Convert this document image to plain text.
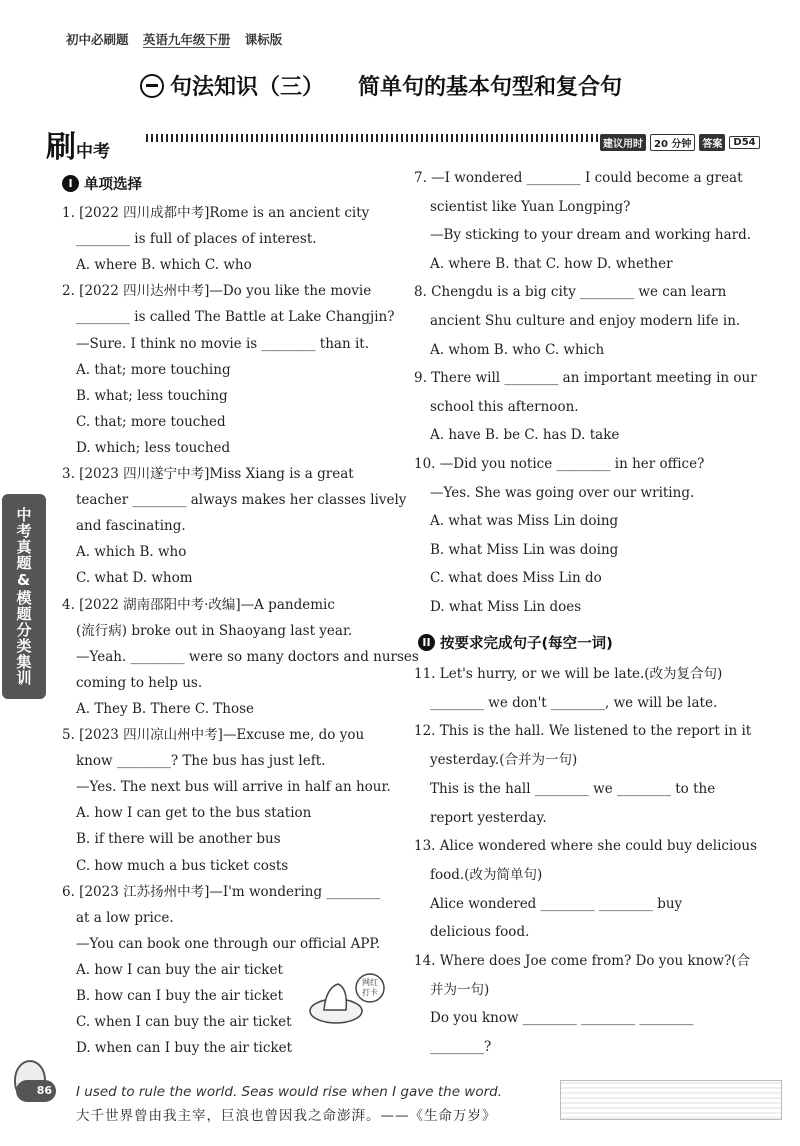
初中必刷题 英语九年级下册 课标版
句法知识（三） 简单句的基本句型和复合句
刷中考	建议用时	20 分钟	答案	D54
中考真题&模题分类集训
I 单项选择
1. [2022 四川成都中考]Rome is an ancient city
________ is full of places of interest.
A. where B. which C. who
2. [2022 四川达州中考]—Do you like the movie
________ is called The Battle at Lake Changjin?
—Sure. I think no movie is ________ than it.
A. that; more touching
B. what; less touching
C. that; more touched
D. which; less touched
3. [2023 四川遂宁中考]Miss Xiang is a great
teacher ________ always makes her classes lively
and fascinating.
A. which B. who
C. what D. whom
4. [2022 湖南邵阳中考·改编]—A pandemic
(流行病) broke out in Shaoyang last year.
—Yeah. ________ were so many doctors and nurses
coming to help us.
A. They B. There C. Those
5. [2023 四川凉山州中考]—Excuse me, do you
know ________? The bus has just left.
—Yes. The next bus will arrive in half an hour.
A. how I can get to the bus station
B. if there will be another bus
C. how much a bus ticket costs
6. [2023 江苏扬州中考]—I'm wondering ________
at a low price.
—You can book one through our official APP.
A. how I can buy the air ticket
B. how can I buy the air ticket
C. when I can buy the air ticket
D. when can I buy the air ticket
7. —I wondered ________ I could become a great
scientist like Yuan Longping?
—By sticking to your dream and working hard.
A. where B. that C. how D. whether
8. Chengdu is a big city ________ we can learn
ancient Shu culture and enjoy modern life in.
A. whom B. who C. which
9. There will ________ an important meeting in our
school this afternoon.
A. have B. be C. has D. take
10. —Did you notice ________ in her office?
—Yes. She was going over our writing.
A. what was Miss Lin doing
B. what Miss Lin was doing
C. what does Miss Lin do
D. what Miss Lin does
II 按要求完成句子(每空一词)
11. Let's hurry, or we will be late.(改为复合句)
________ we don't ________, we will be late.
12. This is the hall. We listened to the report in it
yesterday.(合并为一句)
This is the hall ________ we ________ to the
report yesterday.
13. Alice wondered where she could buy delicious
food.(改为简单句)
Alice wondered ________ ________ buy
delicious food.
14. Where does Joe come from? Do you know?(合
并为一句)
Do you know ________ ________ ________
________?
网红
打卡
86 I used to rule the world. Seas would rise when I gave the word.
大千世界曾由我主宰，巨浪也曾因我之命澎湃。——《生命万岁》
